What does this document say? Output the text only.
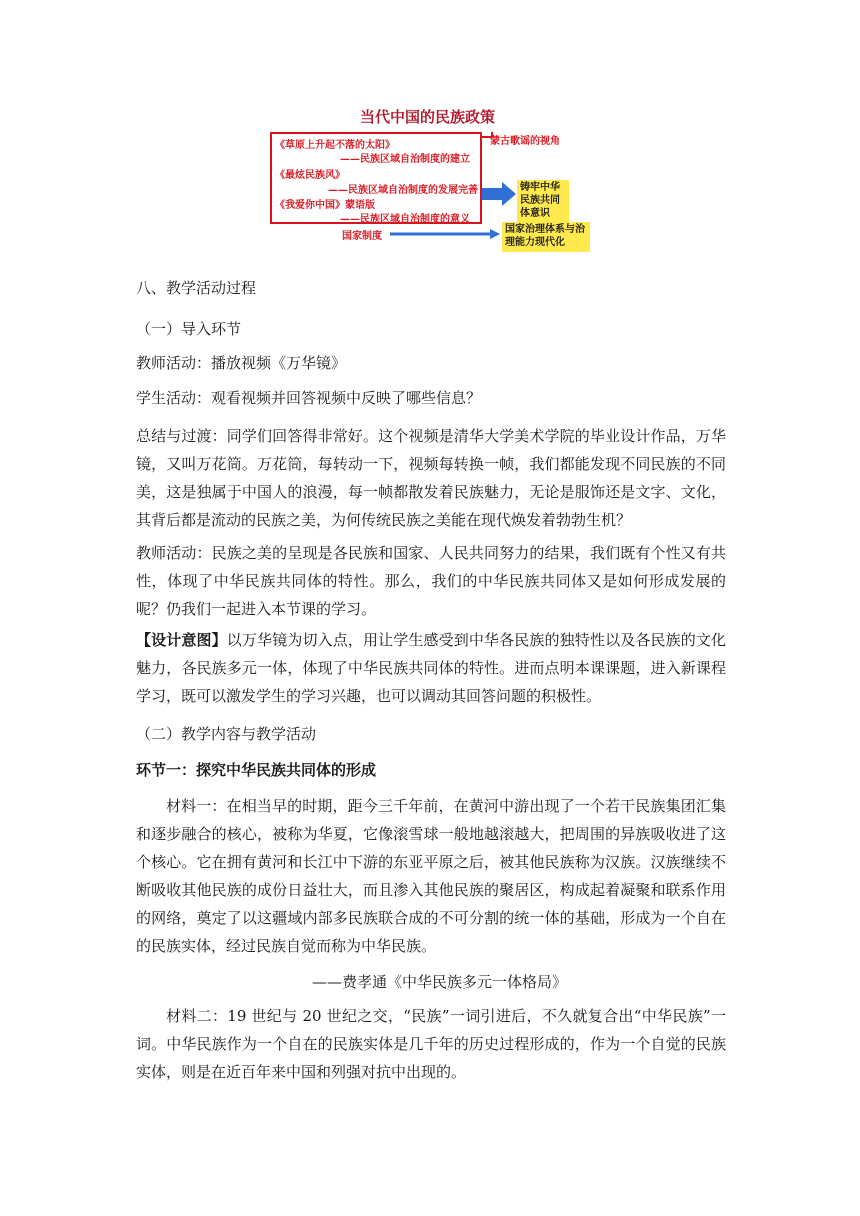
当代中国的民族政策
蒙古歌谣的视角
《草原上升起不落的太阳》
——民族区域自治制度的建立
《最炫民族风》
——民族区域自治制度的发展完善
《我爱你中国》蒙语版
——民族区域自治制度的意义
铸牢中华民族共同体意识
国家制度
国家治理体系与治理能力现代化
八、教学活动过程
（一）导入环节
教师活动：播放视频《万华镜》
学生活动：观看视频并回答视频中反映了哪些信息？

总结与过渡：同学们回答得非常好。这个视频是清华大学美术学院的毕业设计作品，万华镜，又叫万花筒。万花筒，每转动一下，视频每转换一帧，我们都能发现不同民族的不同美，这是独属于中国人的浪漫，每一帧都散发着民族魅力，无论是服饰还是文字、文化，其背后都是流动的民族之美，为何传统民族之美能在现代焕发着勃勃生机？

教师活动：民族之美的呈现是各民族和国家、人民共同努力的结果，我们既有个性又有共性，体现了中华民族共同体的特性。那么，我们的中华民族共同体又是如何形成发展的呢？仍我们一起进入本节课的学习。

【设计意图】以万华镜为切入点，用让学生感受到中华各民族的独特性以及各民族的文化魅力，各民族多元一体，体现了中华民族共同体的特性。进而点明本课课题，进入新课程学习，既可以激发学生的学习兴趣，也可以调动其回答问题的积极性。

（二）教学内容与教学活动
环节一：探究中华民族共同体的形成

材料一：在相当早的时期，距今三千年前，在黄河中游出现了一个若干民族集团汇集和逐步融合的核心，被称为华夏，它像滚雪球一般地越滚越大，把周围的异族吸收进了这个核心。它在拥有黄河和长江中下游的东亚平原之后，被其他民族称为汉族。汉族继续不断吸收其他民族的成份日益壮大，而且渗入其他民族的聚居区，构成起着凝聚和联系作用的网络，奠定了以这疆域内部多民族联合成的不可分割的统一体的基础，形成为一个自在的民族实体，经过民族自觉而称为中华民族。

——费孝通《中华民族多元一体格局》

材料二：19 世纪与 20 世纪之交，“民族”一词引进后，不久就复合出“中华民族”一词。中华民族作为一个自在的民族实体是几千年的历史过程形成的，作为一个自觉的民族实体，则是在近百年来中国和列强对抗中出现的。
